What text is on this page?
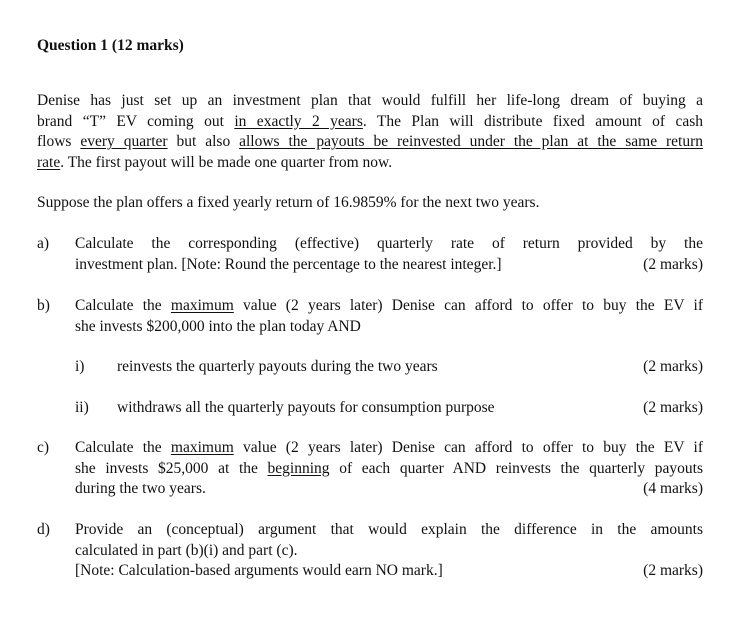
Question 1 (12 marks)
Denise has just set up an investment plan that would fulfill her life-long dream of buying a
brand “T” EV coming out in exactly 2 years. The Plan will distribute fixed amount of cash
flows every quarter but also allows the payouts be reinvested under the plan at the same return
rate. The first payout will be made one quarter from now.
Suppose the plan offers a fixed yearly return of 16.9859% for the next two years.
a) Calculate the corresponding (effective) quarterly rate of return provided by the
investment plan. [Note: Round the percentage to the nearest integer.]	(2 marks)
b) Calculate the maximum value (2 years later) Denise can afford to offer to buy the EV if
she invests $200,000 into the plan today AND
i) reinvests the quarterly payouts during the two years	(2 marks)
ii) withdraws all the quarterly payouts for consumption purpose	(2 marks)
c) Calculate the maximum value (2 years later) Denise can afford to offer to buy the EV if
she invests $25,000 at the beginning of each quarter AND reinvests the quarterly payouts
during the two years.	(4 marks)
d) Provide an (conceptual) argument that would explain the difference in the amounts
calculated in part (b)(i) and part (c).
[Note: Calculation-based arguments would earn NO mark.]	(2 marks)
